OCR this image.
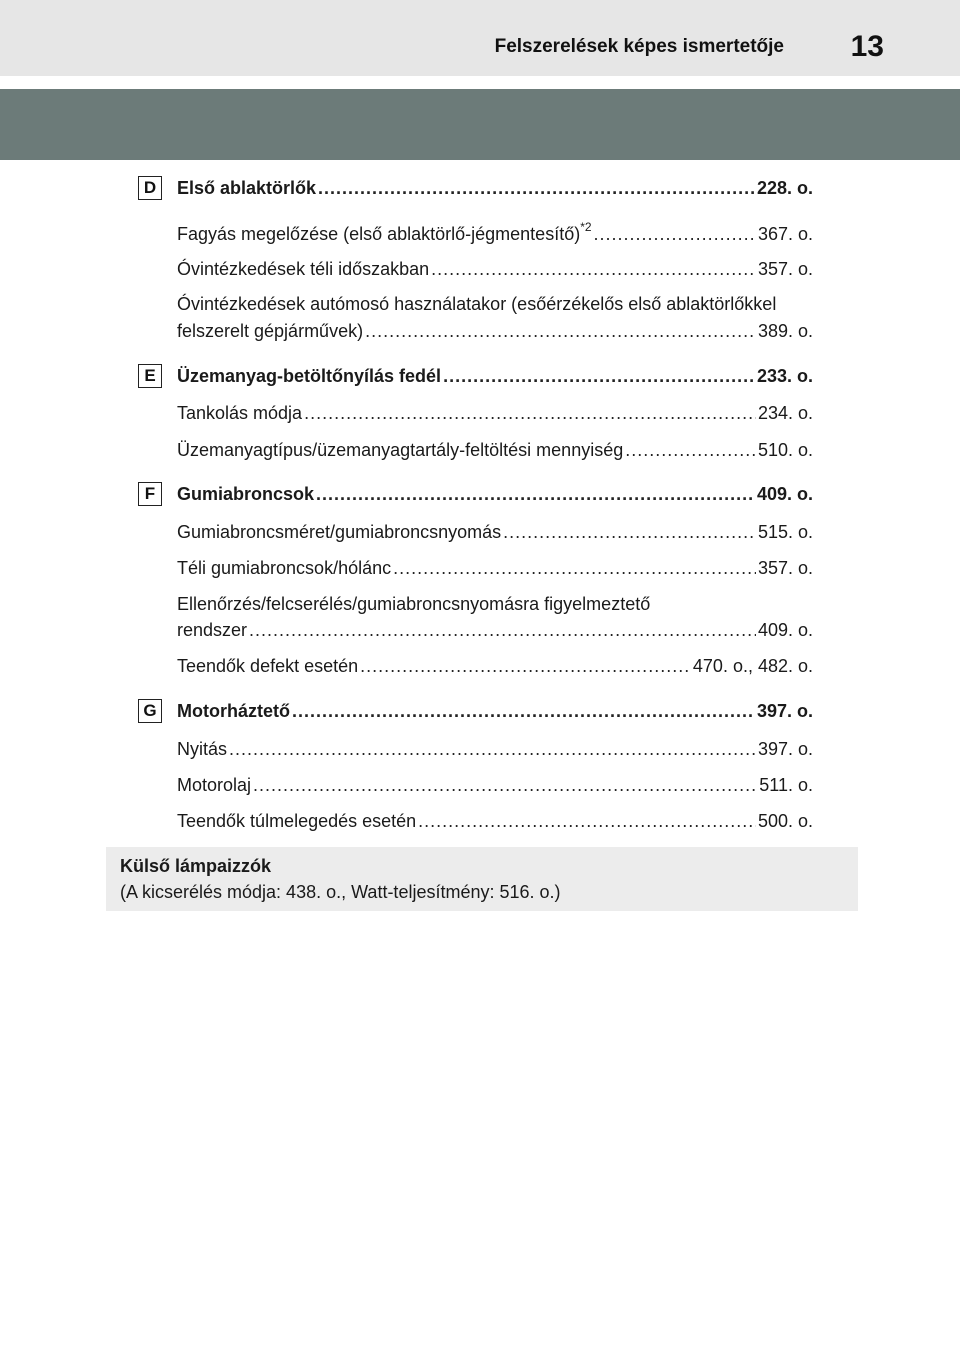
Felszerelések képes ismertetője 13
D	Első ablaktörlők .....	228. o.
Fagyás megelőzése (első ablaktörlő-jégmentesítő)$^{*2}$ .....	367. o.
Óvintézkedések téli időszakban .....	357. o.
Óvintézkedések autómosó használatakor (esőérzékelős első ablaktörlőkkel
felszerelt gépjárművek) .....	389. o.
E	Üzemanyag-betöltőnyílás fedél .....	233. o.
Tankolás módja .....	234. o.
Üzemanyagtípus/üzemanyagtartály-feltöltési mennyiség .....	510. o.
F	Gumiabroncsok .....	409. o.
Gumiabroncsméret/gumiabroncsnyomás .....	515. o.
Téli gumiabroncsok/hólánc .....	357. o.
Ellenőrzés/felcserélés/gumiabroncsnyomásra figyelmeztető
rendszer .....	409. o.
Teendők defekt esetén .....	470. o., 482. o.
G Motorháztető .....	397. o.
Nyitás .....	397. o.
Motorolaj .....	511. o.
Teendők túlmelegedés esetén .....	500. o.
Külső lámpaizzók
(A kicserélés módja: 438. o., Watt-teljesítmény: 516. o.)
